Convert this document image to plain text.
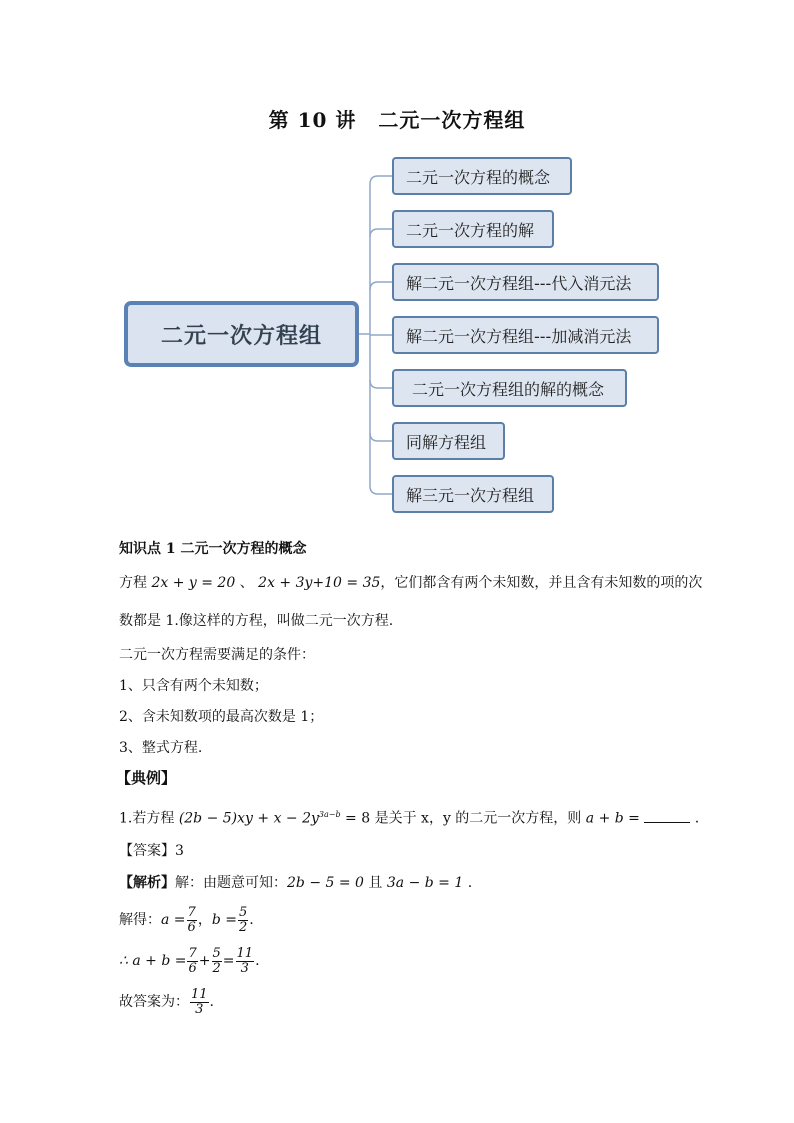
第 10 讲 二元一次方程组
二元一次方程组
二元一次方程的概念
二元一次方程的解
解二元一次方程组---代入消元法
解二元一次方程组---加减消元法
二元一次方程组的解的概念
同解方程组
解三元一次方程组
知识点 1 二元一次方程的概念
方程 2x + y = 20 、 2x + 3y+10 = 35，它们都含有两个未知数，并且含有未知数的项的次
数都是 1.像这样的方程，叫做二元一次方程.
二元一次方程需要满足的条件：
1、只含有两个未知数；
2、含未知数项的最高次数是 1；
3、整式方程.
【典例】
1.若方程 $(2b - 5)xy + x - 2y^{3a-b} = 8$ 是关于 x，y 的二元一次方程，则 a + b =	.
【答案】3
【解析】解：由题意可知：2b − 5 = 0 且 3a − b = 1 .
解得：$a = \frac{7}{6}$ ，$b = \frac{5}{2}$ .
∴ $a + b = \frac{7}{6} + \frac{5}{2} = \frac{11}{3}$ .
故答案为： $\frac{11}{3}$ .
